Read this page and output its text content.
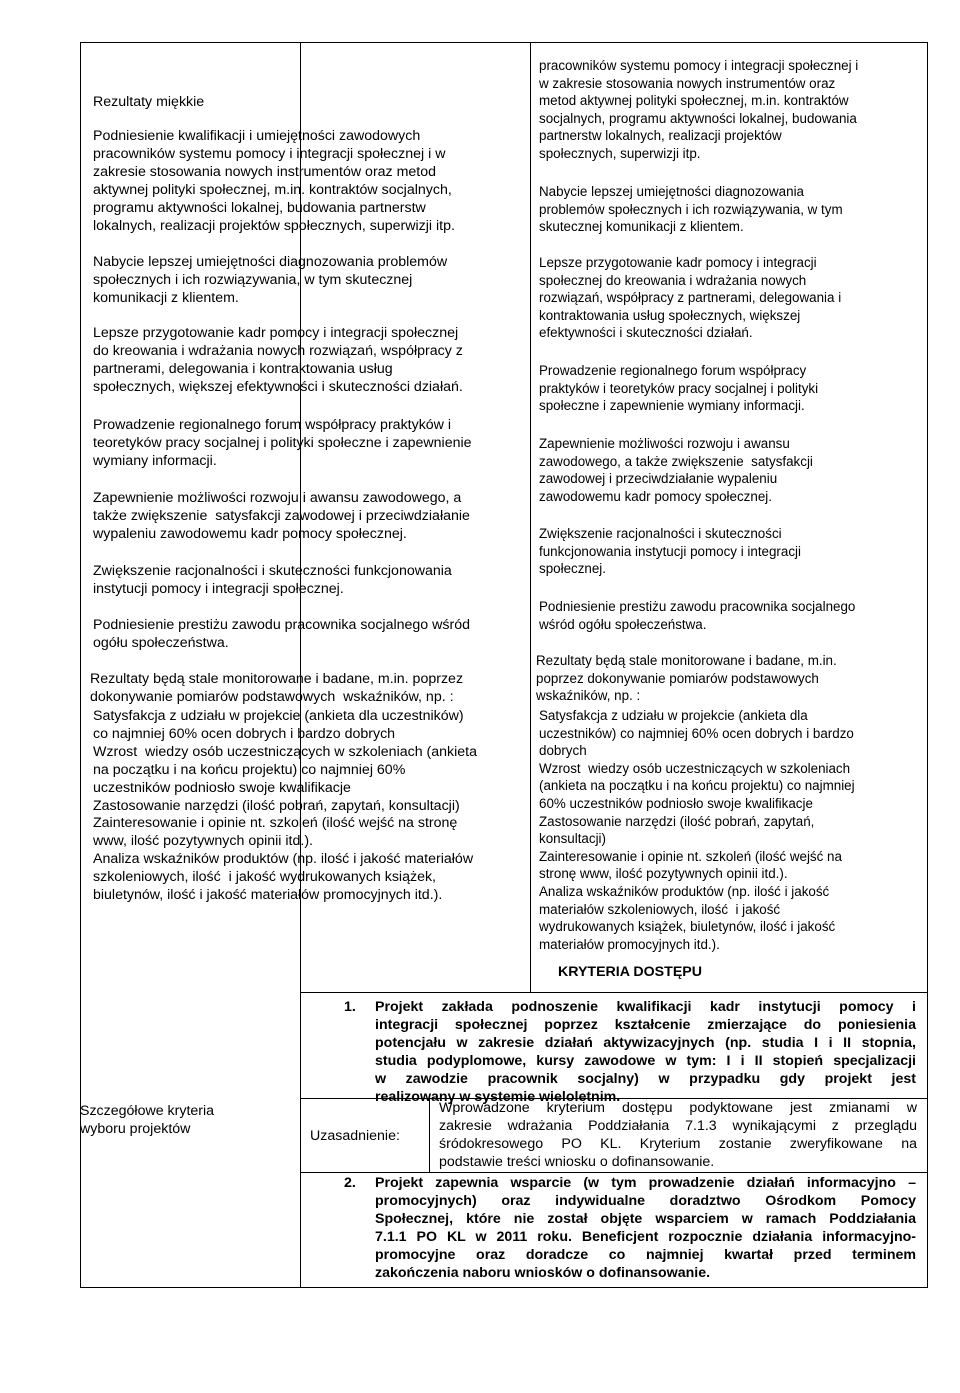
Rezultaty miękkie

Podniesienie kwalifikacji i umiejętności zawodowych
pracowników systemu pomocy i integracji społecznej i w
zakresie stosowania nowych instrumentów oraz metod
aktywnej polityki społecznej, m.in. kontraktów socjalnych,
programu aktywności lokalnej, budowania partnerstw
lokalnych, realizacji projektów społecznych, superwizji itp.
Nabycie lepszej umiejętności diagnozowania problemów
społecznych i ich rozwiązywania, w tym skutecznej
komunikacji z klientem.
Lepsze przygotowanie kadr pomocy i integracji społecznej
do kreowania i wdrażania nowych rozwiązań, współpracy z
partnerami, delegowania i kontraktowania usług
społecznych, większej efektywności i skuteczności działań.
Prowadzenie regionalnego forum współpracy praktyków i
teoretyków pracy socjalnej i polityki społeczne i zapewnienie
wymiany informacji.
Zapewnienie możliwości rozwoju i awansu zawodowego, a
także zwiększenie  satysfakcji zawodowej i przeciwdziałanie
wypaleniu zawodowemu kadr pomocy społecznej.
Zwiększenie racjonalności i skuteczności funkcjonowania
instytucji pomocy i integracji społecznej.
Podniesienie prestiżu zawodu pracownika socjalnego wśród
ogółu społeczeństwa.
Rezultaty będą stale monitorowane i badane, m.in. poprzez
dokonywanie pomiarów podstawowych  wskaźników, np. :
Satysfakcja z udziału w projekcie (ankieta dla uczestników)
co najmniej 60% ocen dobrych i bardzo dobrych
Wzrost  wiedzy osób uczestniczących w szkoleniach (ankieta
na początku i na końcu projektu) co najmniej 60%
uczestników podniosło swoje kwalifikacje
Zastosowanie narzędzi (ilość pobrań, zapytań, konsultacji)
Zainteresowanie i opinie nt. szkoleń (ilość wejść na stronę
www, ilość pozytywnych opinii itd.).
Analiza wskaźników produktów (np. ilość i jakość materiałów
szkoleniowych, ilość  i jakość wydrukowanych książek,
biuletynów, ilość i jakość materiałów promocyjnych itd.).
Szczegółowe kryteria
wyboru projektów
pracowników systemu pomocy i integracji społecznej i
w zakresie stosowania nowych instrumentów oraz
metod aktywnej polityki społecznej, m.in. kontraktów
socjalnych, programu aktywności lokalnej, budowania
partnerstw lokalnych, realizacji projektów
społecznych, superwizji itp.
Nabycie lepszej umiejętności diagnozowania
problemów społecznych i ich rozwiązywania, w tym
skutecznej komunikacji z klientem.
Lepsze przygotowanie kadr pomocy i integracji
społecznej do kreowania i wdrażania nowych
rozwiązań, współpracy z partnerami, delegowania i
kontraktowania usług społecznych, większej
efektywności i skuteczności działań.
Prowadzenie regionalnego forum współpracy
praktyków i teoretyków pracy socjalnej i polityki
społeczne i zapewnienie wymiany informacji.
Zapewnienie możliwości rozwoju i awansu
zawodowego, a także zwiększenie  satysfakcji
zawodowej i przeciwdziałanie wypaleniu
zawodowemu kadr pomocy społecznej.
Zwiększenie racjonalności i skuteczności
funkcjonowania instytucji pomocy i integracji
społecznej.
Podniesienie prestiżu zawodu pracownika socjalnego
wśród ogółu społeczeństwa.
Rezultaty będą stale monitorowane i badane, m.in.
poprzez dokonywanie pomiarów podstawowych
wskaźników, np. :
Satysfakcja z udziału w projekcie (ankieta dla
uczestników) co najmniej 60% ocen dobrych i bardzo
dobrych
Wzrost  wiedzy osób uczestniczących w szkoleniach
(ankieta na początku i na końcu projektu) co najmniej
60% uczestników podniosło swoje kwalifikacje
Zastosowanie narzędzi (ilość pobrań, zapytań,
konsultacji)
Zainteresowanie i opinie nt. szkoleń (ilość wejść na
stronę www, ilość pozytywnych opinii itd.).
Analiza wskaźników produktów (np. ilość i jakość
materiałów szkoleniowych, ilość  i jakość
wydrukowanych książek, biuletynów, ilość i jakość
materiałów promocyjnych itd.).

KRYTERIA DOSTĘPU

1. Projekt zakłada podnoszenie kwalifikacji kadr instytucji pomocy i
integracji społecznej poprzez kształcenie zmierzające do poniesienia
potencjału w zakresie działań aktywizacyjnych (np. studia I i II stopnia,
studia podyplomowe, kursy zawodowe w tym: I i II stopień specjalizacji
w zawodzie pracownik socjalny) w przypadku gdy projekt jest
realizowany w systemie wieloletnim.

Uzasadnienie:

Wprowadzone kryterium dostępu podyktowane jest zmianami w
zakresie wdrażania Poddziałania 7.1.3 wynikającymi z przeglądu
śródokresowego PO KL. Kryterium zostanie zweryfikowane na
podstawie treści wniosku o dofinansowanie.

2. Projekt zapewnia wsparcie (w tym prowadzenie działań informacyjno –
promocyjnych) oraz indywidualne doradztwo Ośrodkom Pomocy
Społecznej, które nie został objęte wsparciem w ramach Poddziałania
7.1.1 PO KL w 2011 roku. Beneficjent rozpocznie działania informacyjno-
promocyjne oraz doradcze co najmniej kwartał przed terminem
zakończenia naboru wniosków o dofinansowanie.
